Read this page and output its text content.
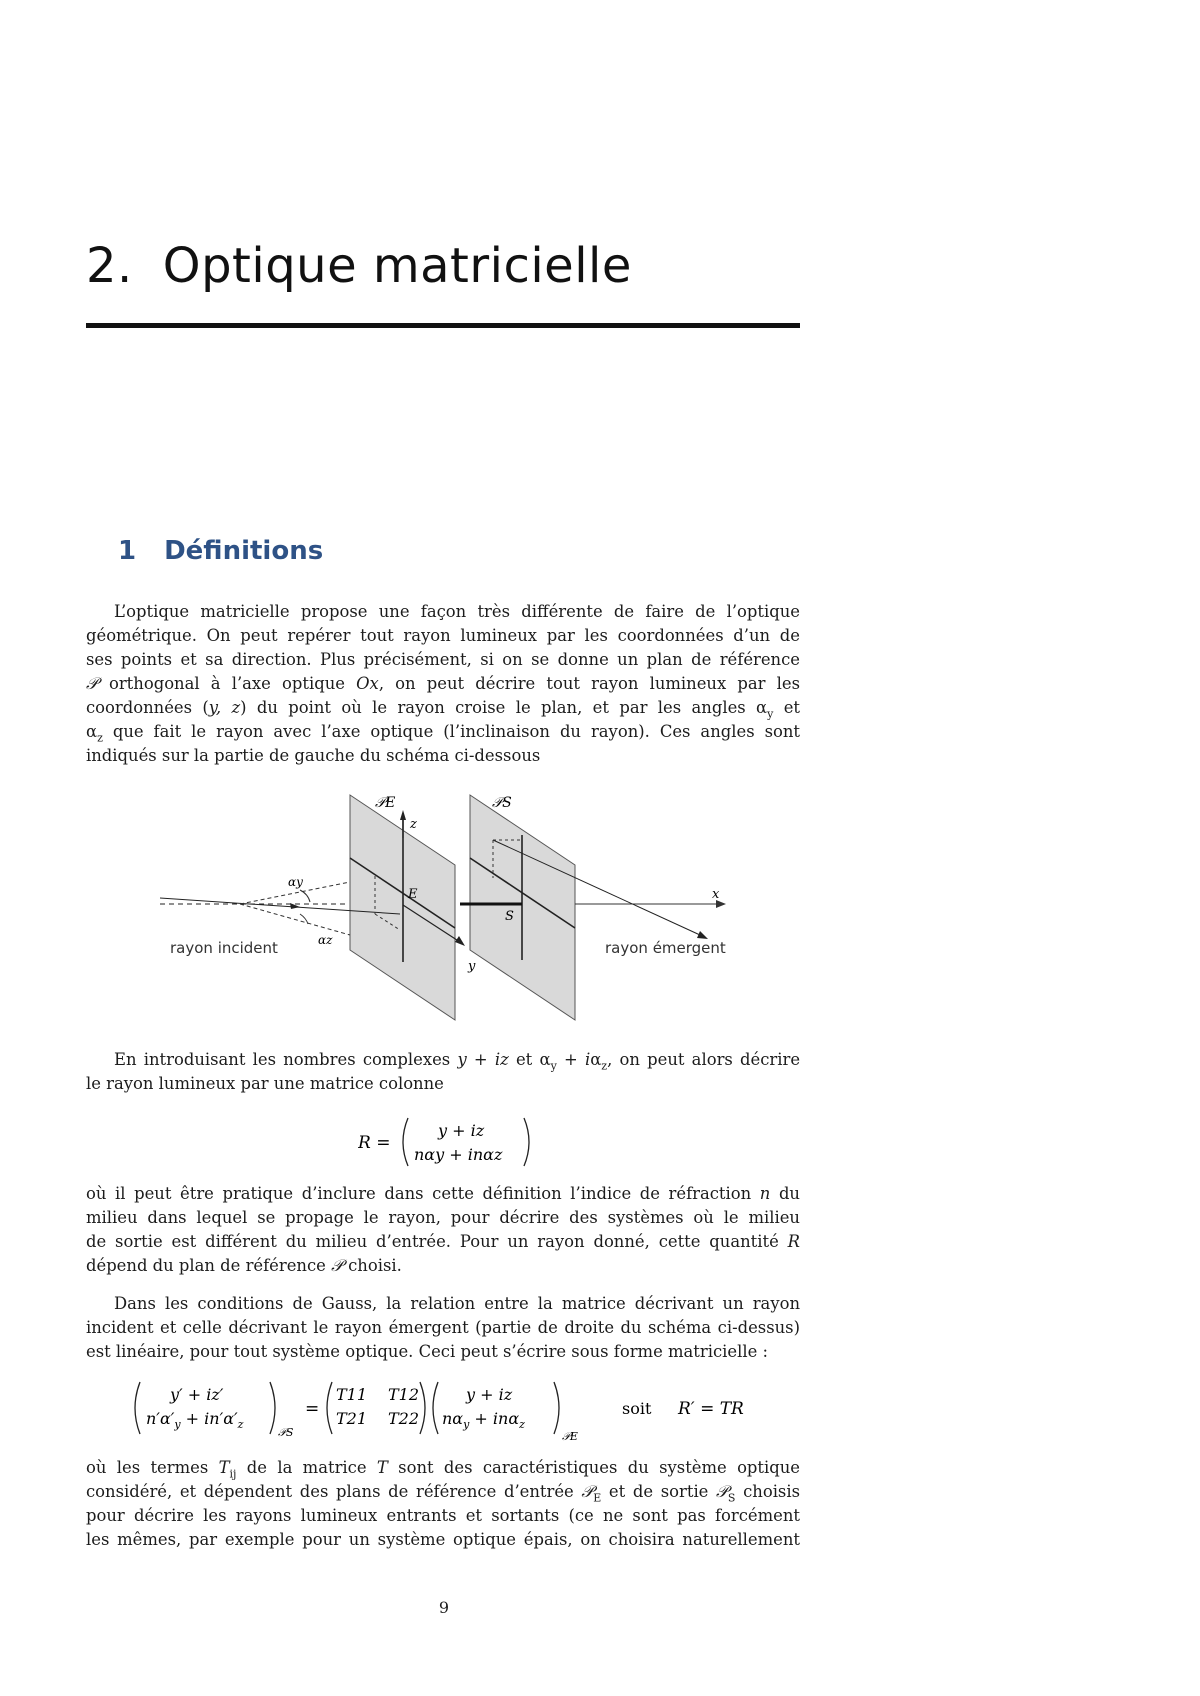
2. Optique matricielle
1 Définitions
L’optique matricielle propose une façon très différente de faire de l’optique
géométrique. On peut repérer tout rayon lumineux par les coordonnées d’un de
ses points et sa direction. Plus précisément, si on se donne un plan de référence
𝒫 orthogonal à l’axe optique Ox, on peut décrire tout rayon lumineux par les
coordonnées (y, z) du point où le rayon croise le plan, et par les angles $\alpha_y$ et
$\alpha_z$ que fait le rayon avec l’axe optique (l’inclinaison du rayon). Ces angles sont
indiqués sur la partie de gauche du schéma ci-dessous
𝒫E	𝒫S
z
y
x
αy
αz
E
S
rayon incident	rayon émergent
En introduisant les nombres complexes y + iz et $\alpha_y + i\alpha_z$, on peut alors décrire
le rayon lumineux par une matrice colonne
R =
y + iz
nαy + inαz
où il peut être pratique d’inclure dans cette définition l’indice de réfraction n du
milieu dans lequel se propage le rayon, pour décrire des systèmes où le milieu
de sortie est différent du milieu d’entrée. Pour un rayon donné, cette quantité R
dépend du plan de référence 𝒫 choisi.
Dans les conditions de Gauss, la relation entre la matrice décrivant un rayon
incident et celle décrivant le rayon émergent (partie de droite du schéma ci-dessus)
est linéaire, pour tout système optique. Ceci peut s’écrire sous forme matricielle :
y′ + iz′
$n'\alpha'_y + in'\alpha'_z$
𝒫S
=
T11 T12
T21 T22
y + iz
$n\alpha_y + in\alpha_z$
𝒫E
soit R′ = TR
où les termes $T_{ij}$ de la matrice T sont des caractéristiques du système optique
considéré, et dépendent des plans de référence d’entrée 𝒫$_E$ et de sortie 𝒫$_S$ choisis
pour décrire les rayons lumineux entrants et sortants (ce ne sont pas forcément
les mêmes, par exemple pour un système optique épais, on choisira naturellement
9
